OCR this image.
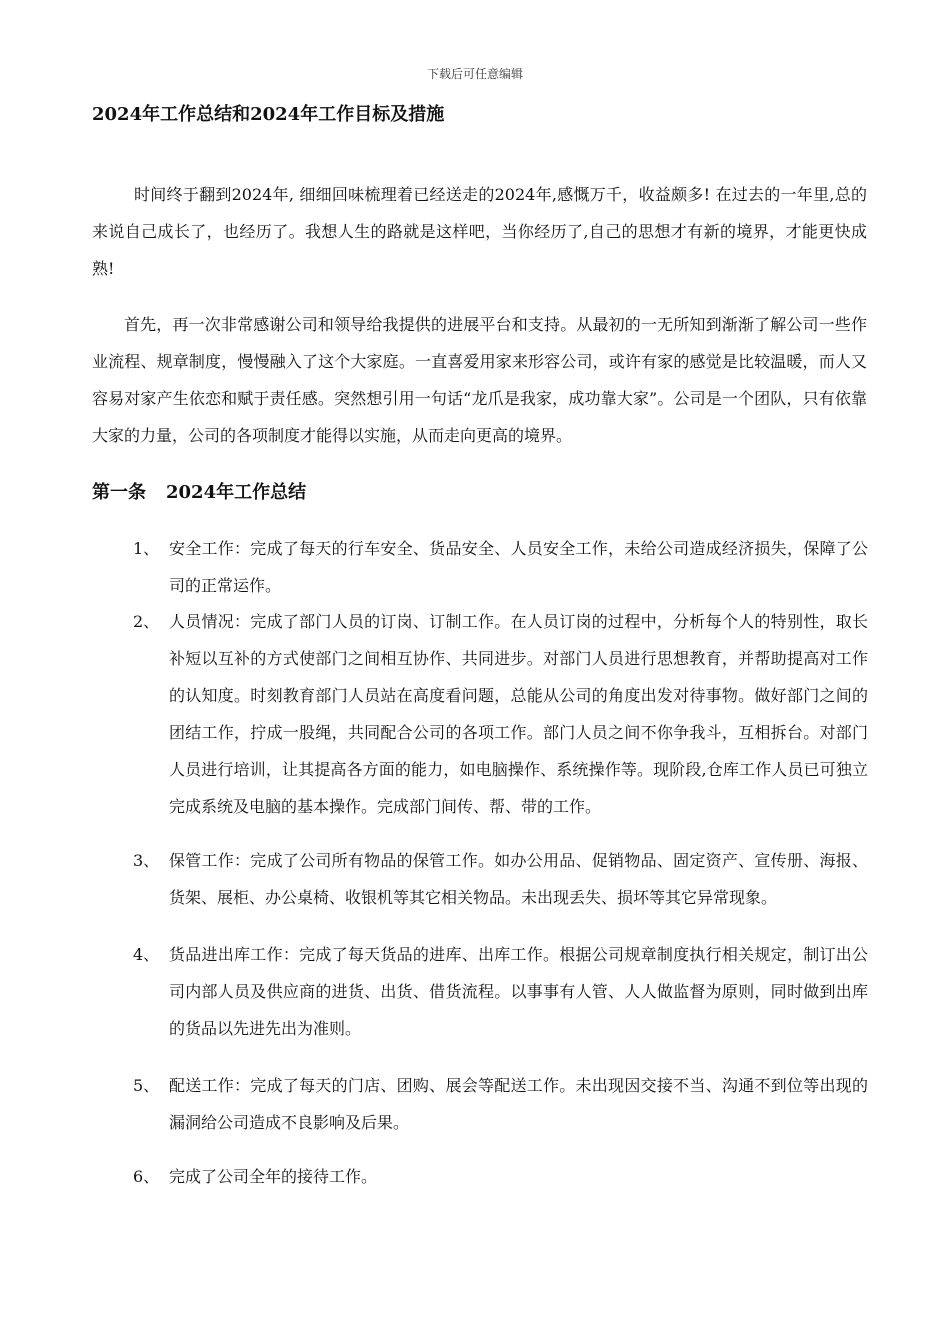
下载后可任意编辑
2024年工作总结和2024年工作目标及措施

时间终于翻到2024年, 细细回味梳理着已经送走的2024年,感慨万千，收益颇多! 在过去的一年里,总的来说自己成长了，也经历了。我想人生的路就是这样吧，当你经历了,自己的思想才有新的境界，才能更快成熟!

首先，再一次非常感谢公司和领导给我提供的进展平台和支持。从最初的一无所知到渐渐了解公司一些作业流程、规章制度，慢慢融入了这个大家庭。一直喜爱用家来形容公司，或许有家的感觉是比较温暖，而人又容易对家产生依恋和赋于责任感。突然想引用一句话“龙爪是我家，成功靠大家”。公司是一个团队，只有依靠大家的力量，公司的各项制度才能得以实施，从而走向更高的境界。

第一条 2024年工作总结
1、 安全工作：完成了每天的行车安全、货品安全、人员安全工作，未给公司造成经济损失，保障了公司的正常运作。
2、 人员情况：完成了部门人员的订岗、订制工作。在人员订岗的过程中，分析每个人的特别性，取长补短以互补的方式使部门之间相互协作、共同进步。对部门人员进行思想教育，并帮助提高对工作的认知度。时刻教育部门人员站在高度看问题，总能从公司的角度出发对待事物。做好部门之间的团结工作，拧成一股绳，共同配合公司的各项工作。部门人员之间不你争我斗，互相拆台。对部门人员进行培训，让其提高各方面的能力，如电脑操作、系统操作等。现阶段,仓库工作人员已可独立完成系统及电脑的基本操作。完成部门间传、帮、带的工作。
3、 保管工作：完成了公司所有物品的保管工作。如办公用品、促销物品、固定资产、宣传册、海报、货架、展柜、办公桌椅、收银机等其它相关物品。未出现丢失、损坏等其它异常现象。
4、 货品进出库工作：完成了每天货品的进库、出库工作。根据公司规章制度执行相关规定，制订出公司内部人员及供应商的进货、出货、借货流程。以事事有人管、人人做监督为原则，同时做到出库的货品以先进先出为准则。
5、 配送工作：完成了每天的门店、团购、展会等配送工作。未出现因交接不当、沟通不到位等出现的漏洞给公司造成不良影响及后果。
6、 完成了公司全年的接待工作。
